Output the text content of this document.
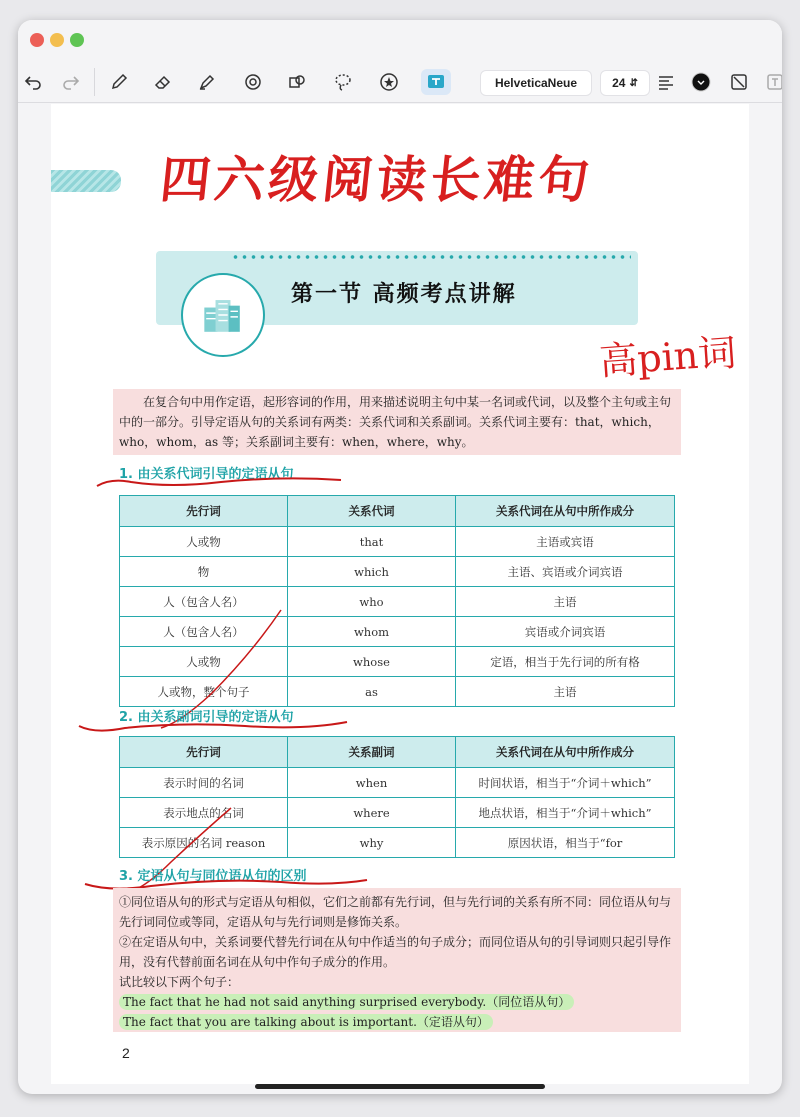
HelveticaNeue	24 ⇵
四六级阅读长难句
第一节 高频考点讲解
高pin词
在复合句中用作定语，起形容词的作用，用来描述说明主句中某一名词或代词，以及整个主句或主句中的一部分。引导定语从句的关系词有两类：关系代词和关系副词。关系代词主要有：that，which，who，whom，as 等；关系副词主要有：when，where，why。
1. 由关系代词引导的定语从句
先行词	关系代词	关系代词在从句中所作成分
人或物	that	主语或宾语
物	which	主语、宾语或介词宾语
人（包含人名）	who	主语
人（包含人名）	whom	宾语或介词宾语
人或物	whose	定语，相当于先行词的所有格
人或物，整个句子	as	主语
2. 由关系副词引导的定语从句
先行词	关系副词	关系代词在从句中所作成分
表示时间的名词	when	时间状语，相当于“介词＋which”
表示地点的名词	where	地点状语，相当于“介词＋which”
表示原因的名词 reason	why	原因状语，相当于“for
3. 定语从句与同位语从句的区别
①同位语从句的形式与定语从句相似，它们之前都有先行词，但与先行词的关系有所不同：同位语从句与先行词同位或等同，定语从句与先行词则是修饰关系。
②在定语从句中，关系词要代替先行词在从句中作适当的句子成分；而同位语从句的引导词则只起引导作用，没有代替前面名词在从句中作句子成分的作用。
试比较以下两个句子：
The fact that he had not said anything surprised everybody.（同位语从句）
The fact that you are talking about is important.（定语从句）
2
